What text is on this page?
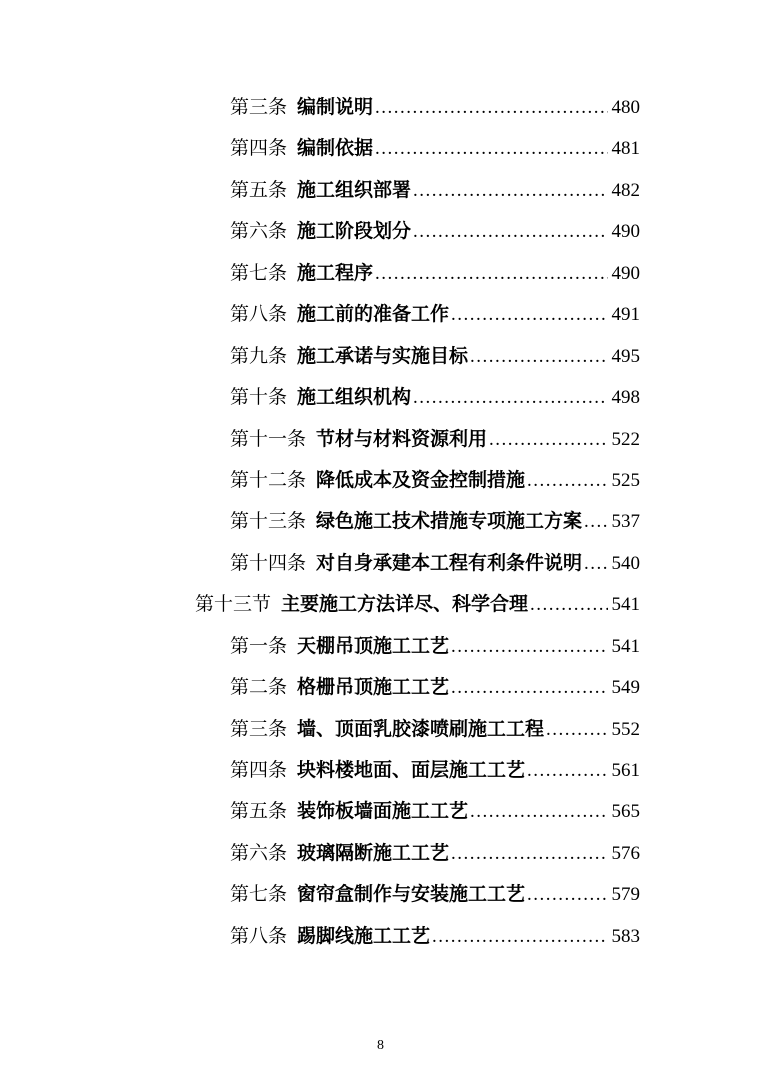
第三条 编制说明 .....	480
第四条 编制依据 .....	481
第五条 施工组织部署 .....	482
第六条 施工阶段划分 .....	490
第七条 施工程序 .....	490
第八条 施工前的准备工作 .....	491
第九条 施工承诺与实施目标 .....	495
第十条 施工组织机构 .....	498
第十一条 节材与材料资源利用 .....	522
第十二条 降低成本及资金控制措施 .....	525
第十三条 绿色施工技术措施专项施工方案 ..... 537
第十四条 对自身承建本工程有利条件说明 ..... 540
第十三节 主要施工方法详尽、科学合理 .....	541
第一条 天棚吊顶施工工艺 .....	541
第二条 格栅吊顶施工工艺 .....	549
第三条 墙、顶面乳胶漆喷刷施工工程 .....	552
第四条 块料楼地面、面层施工工艺 .....	561
第五条 装饰板墙面施工工艺 .....	565
第六条 玻璃隔断施工工艺 .....	576
第七条 窗帘盒制作与安装施工工艺 .....	579
第八条 踢脚线施工工艺 .....	583
8
